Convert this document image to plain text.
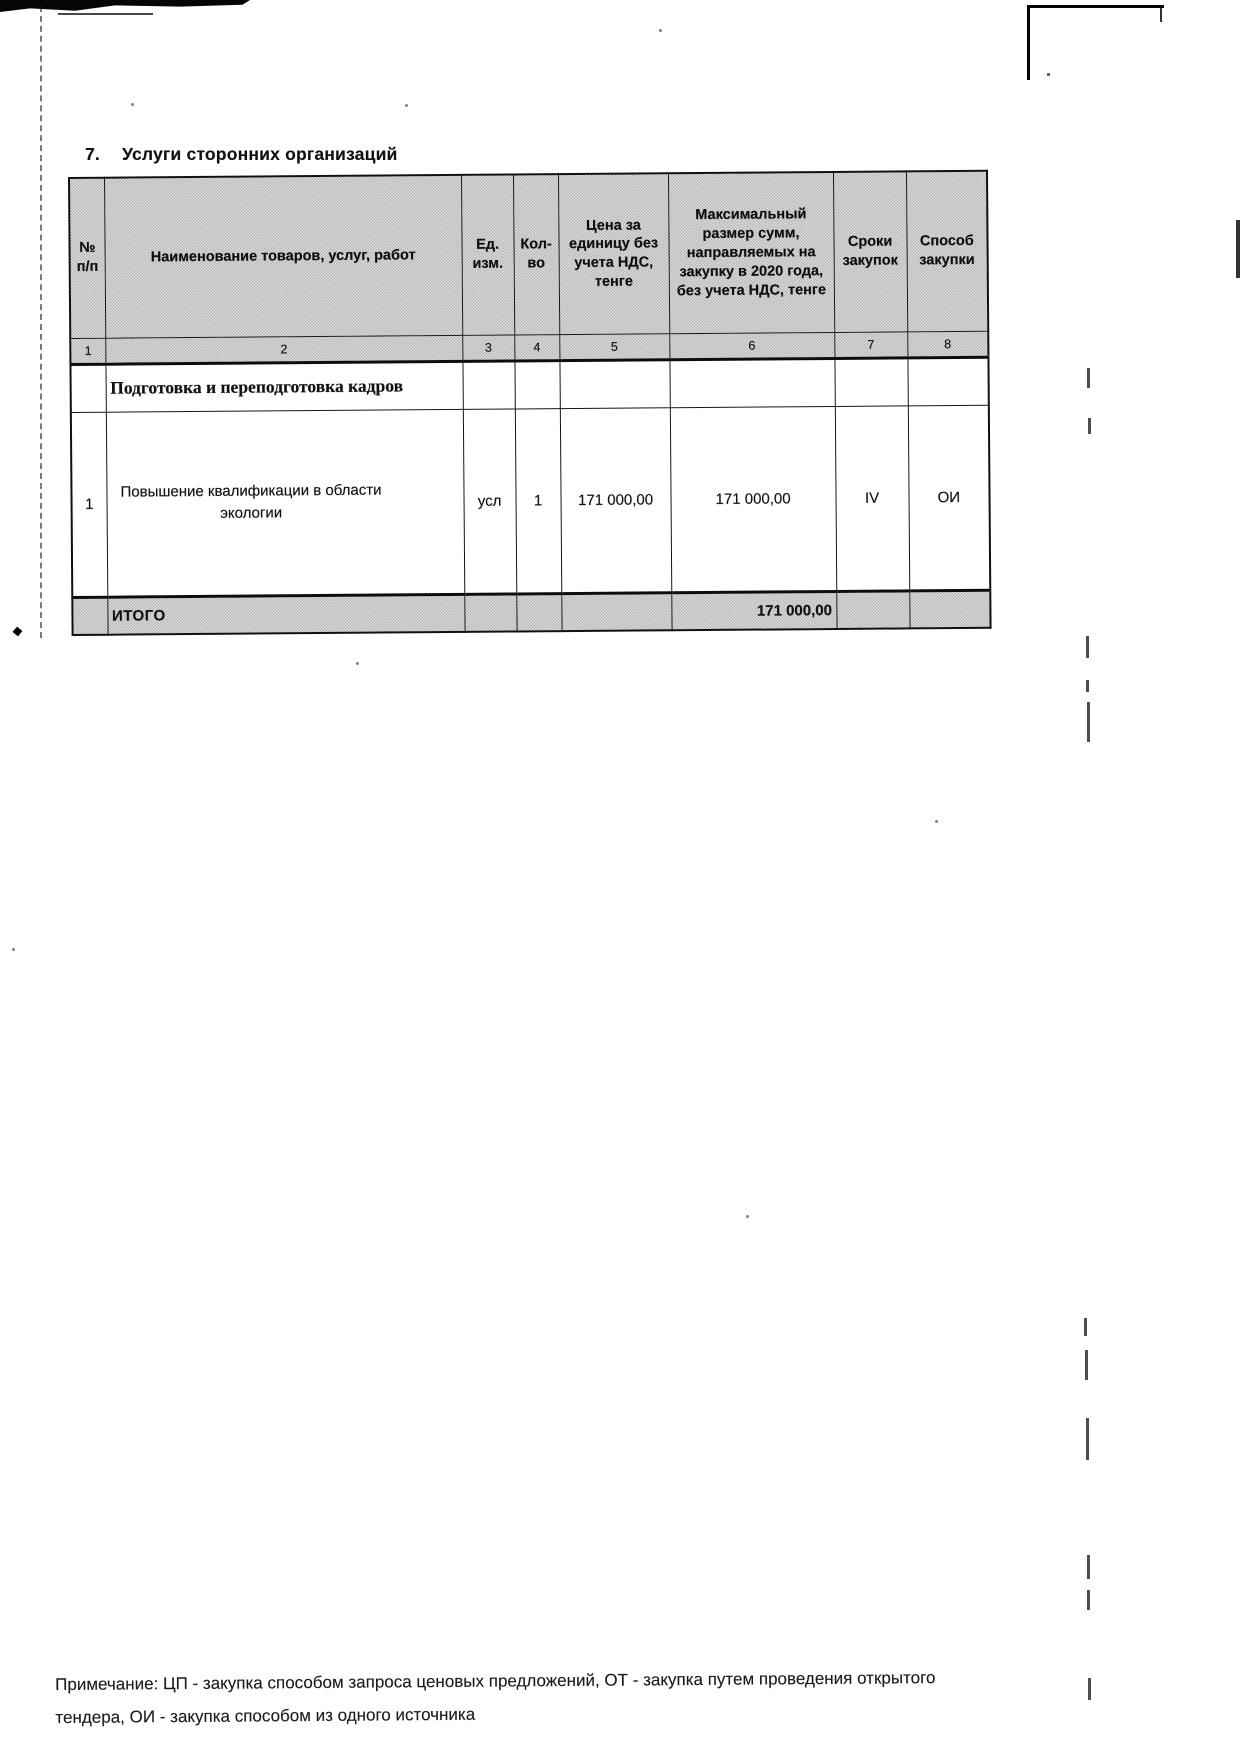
7. Услуги сторонних организаций
№ п/п	Наименование товаров, услуг, работ	Ед. изм.	Кол-во	Цена за единицу без учета НДС, тенге	Максимальный размер сумм, направляемых на закупку в 2020 года, без учета НДС, тенге	Сроки закупок	Способ закупки
1	2	3	4	5	6	7	8
	Подготовка и переподготовка кадров						
1	Повышение квалификации в области экологии	усл	1	171 000,00	171 000,00	IV	ОИ
	ИТОГО				171 000,00		
Примечание: ЦП - закупка способом запроса ценовых предложений, ОТ - закупка путем проведения открытого
тендера, ОИ - закупка способом из одного источника
